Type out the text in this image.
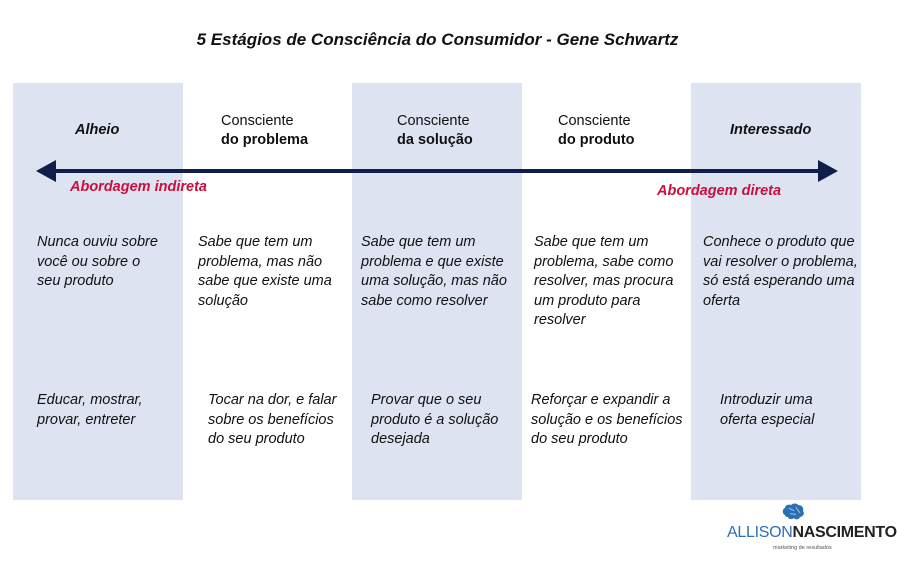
5 Estágios de Consciência do Consumidor - Gene Schwartz
Alheio
Consciente
do problema
Consciente
da solução
Consciente
do produto
Interessado
Abordagem indireta	Abordagem direta
Nunca ouviu sobre você ou sobre o seu produto
Sabe que tem um problema, mas não sabe que existe uma solução
Sabe que tem um problema e que existe uma solução, mas não sabe como resolver
Sabe que tem um problema, sabe como resolver, mas procura um produto para resolver
Conhece o produto que vai resolver o problema, só está esperando uma oferta
Educar, mostrar, provar, entreter
Tocar na dor, e falar sobre os benefícios do seu produto
Provar que o seu produto é a solução desejada
Reforçar e expandir a solução e os benefícios do seu produto
Introduzir uma oferta especial
ALLISONNASCIMENTO
marketing de resultados
